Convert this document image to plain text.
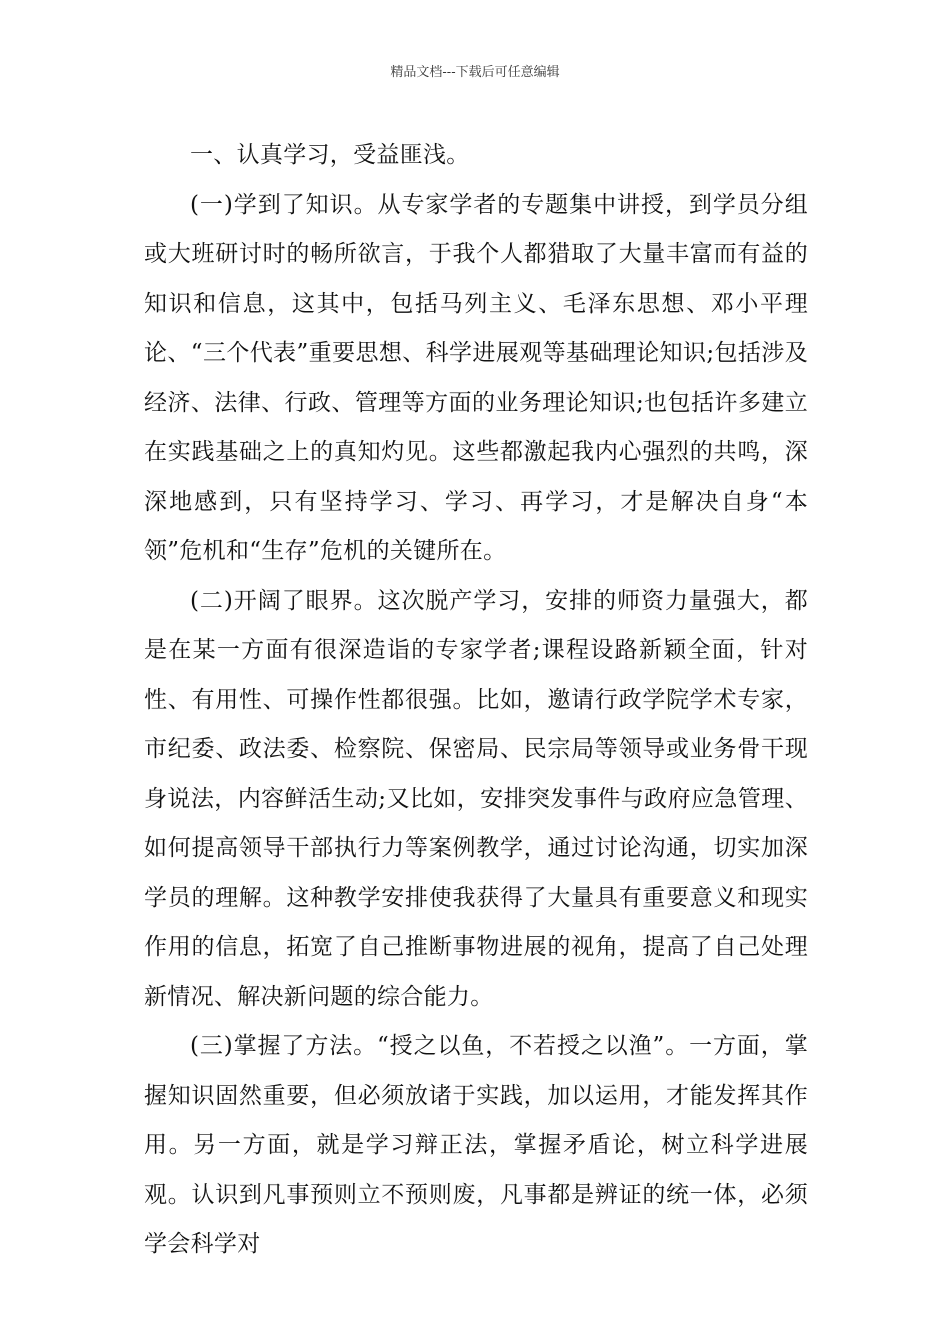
精品文档---下载后可任意编辑

一、认真学习，受益匪浅。

(一)学到了知识。从专家学者的专题集中讲授，到学员分组或大班研讨时的畅所欲言，于我个人都猎取了大量丰富而有益的知识和信息，这其中，包括马列主义、毛泽东思想、邓小平理论、“三个代表”重要思想、科学进展观等基础理论知识;包括涉及经济、法律、行政、管理等方面的业务理论知识;也包括许多建立在实践基础之上的真知灼见。这些都激起我内心强烈的共鸣，深深地感到，只有坚持学习、学习、再学习，才是解决自身“本领”危机和“生存”危机的关键所在。

(二)开阔了眼界。这次脱产学习，安排的师资力量强大，都是在某一方面有很深造诣的专家学者;课程设路新颖全面，针对性、有用性、可操作性都很强。比如，邀请行政学院学术专家，市纪委、政法委、检察院、保密局、民宗局等领导或业务骨干现身说法，内容鲜活生动;又比如，安排突发事件与政府应急管理、如何提高领导干部执行力等案例教学，通过讨论沟通，切实加深学员的理解。这种教学安排使我获得了大量具有重要意义和现实作用的信息，拓宽了自己推断事物进展的视角，提高了自己处理新情况、解决新问题的综合能力。

(三)掌握了方法。“授之以鱼，不若授之以渔”。一方面，掌握知识固然重要，但必须放诸于实践，加以运用，才能发挥其作用。另一方面，就是学习辩正法，掌握矛盾论，树立科学进展观。认识到凡事预则立不预则废，凡事都是辨证的统一体，必须学会科学对
